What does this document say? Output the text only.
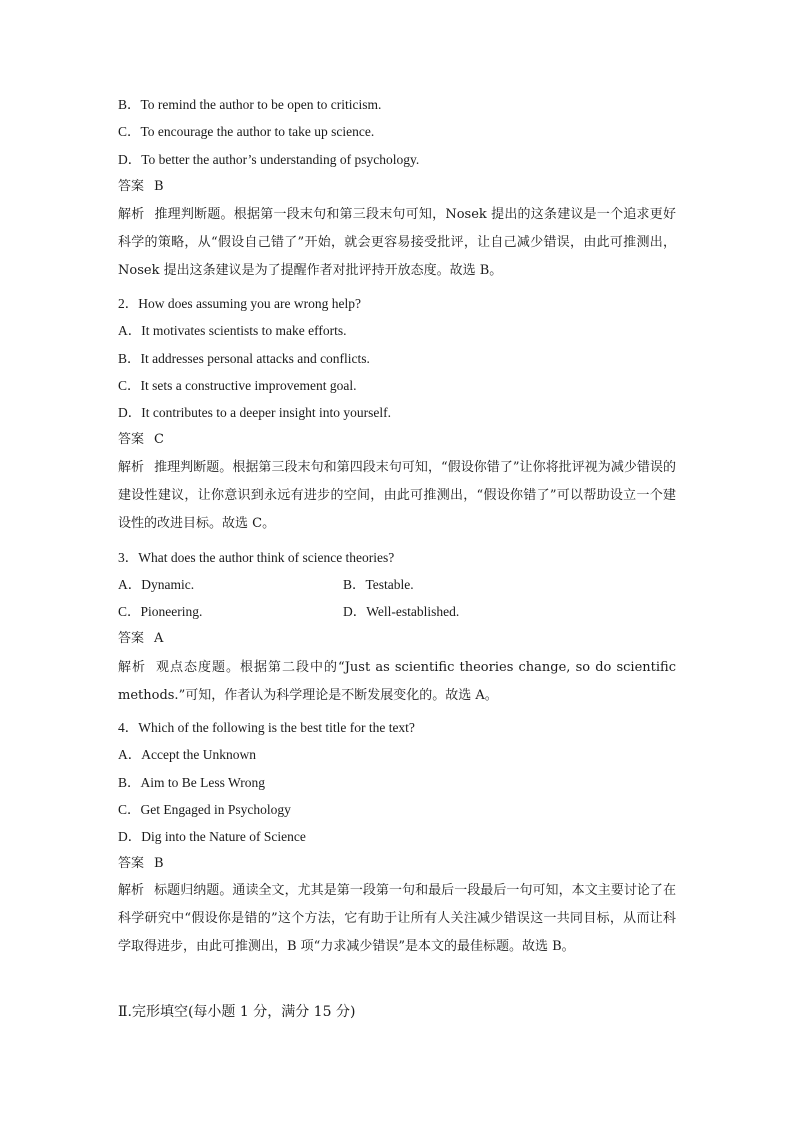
B．To remind the author to be open to criticism.
C．To encourage the author to take up science.
D．To better the author’s understanding of psychology.
答案 B
解析 推理判断题。根据第一段末句和第三段末句可知，Nosek 提出的这条建议是一个追求更好科学的策略，从“假设自己错了”开始，就会更容易接受批评，让自己减少错误，由此可推测出，Nosek 提出这条建议是为了提醒作者对批评持开放态度。故选 B。
2．How does assuming you are wrong help?
A．It motivates scientists to make efforts.
B．It addresses personal attacks and conflicts.
C．It sets a constructive improvement goal.
D．It contributes to a deeper insight into yourself.
答案 C
解析 推理判断题。根据第三段末句和第四段末句可知，“假设你错了”让你将批评视为减少错误的建设性建议，让你意识到永远有进步的空间，由此可推测出，“假设你错了”可以帮助设立一个建设性的改进目标。故选 C。
3．What does the author think of science theories?
A．Dynamic.	B．Testable.
C．Pioneering.	D．Well-established.
答案 A
解析 观点态度题。根据第二段中的“Just as scientific theories change, so do scientific methods.”可知，作者认为科学理论是不断发展变化的。故选 A。
4．Which of the following is the best title for the text?
A．Accept the Unknown
B．Aim to Be Less Wrong
C．Get Engaged in Psychology
D．Dig into the Nature of Science
答案 B
解析 标题归纳题。通读全文，尤其是第一段第一句和最后一段最后一句可知，本文主要讨论了在科学研究中“假设你是错的”这个方法，它有助于让所有人关注减少错误这一共同目标，从而让科学取得进步，由此可推测出，B 项“力求减少错误”是本文的最佳标题。故选 B。
Ⅱ.完形填空(每小题 1 分，满分 15 分)
